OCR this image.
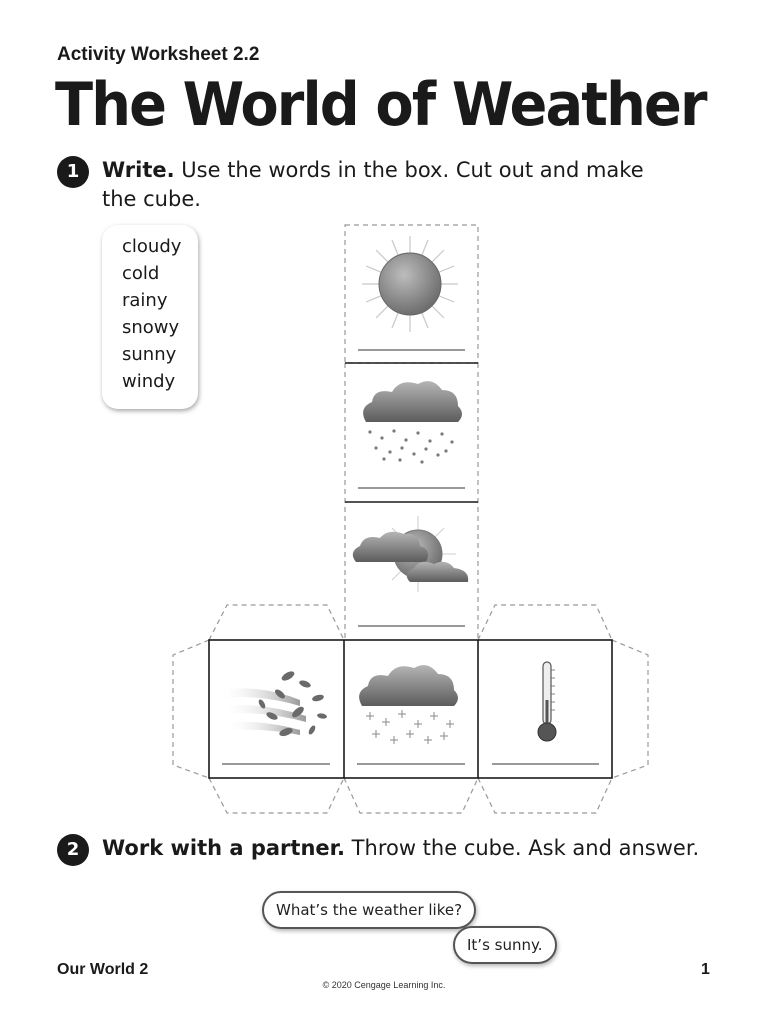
Activity Worksheet 2.2
The World of Weather
1	Write. Use the words in the box. Cut out and make
the cube.
cloudy
cold
rainy
snowy
sunny
windy
2	Work with a partner. Throw the cube. Ask and answer.
What’s the weather like?
It’s sunny.
Our World 2	1
© 2020 Cengage Learning Inc.
